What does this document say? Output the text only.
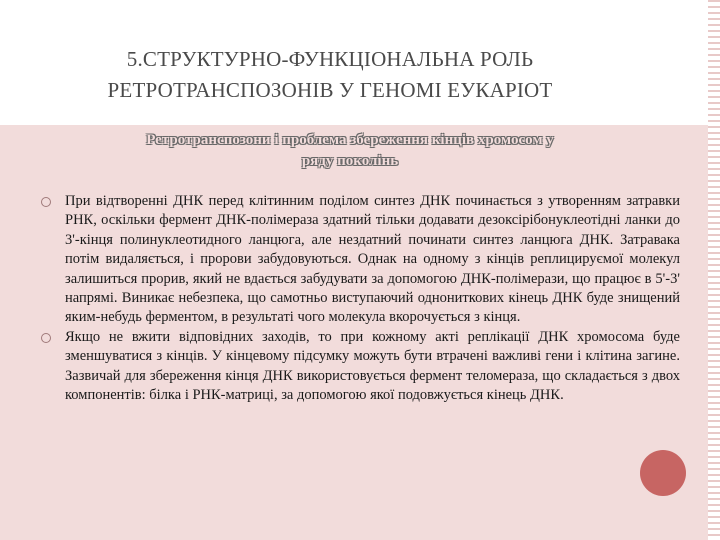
5.СТРУКТУРНО-ФУНКЦІОНАЛЬНА РОЛЬ
РЕТРОТРАНСПОЗОНІВ У ГЕНОМІ ЕУКАРІОТ
Ретротранспозони і проблема збереження кінців хромосом у
ряду поколінь
При відтворенні ДНК перед клітинним поділом синтез ДНК починається з утворенням затравки РНК, оскільки фермент ДНК-полімераза здатний тільки додавати дезоксірібонуклеотідні ланки до 3'-кінця полинуклеотидного ланцюга, але нездатний починати синтез ланцюга ДНК. Затравака потім видаляється, і пророви забудовуються. Однак на одному з кінців реплицируємої молекул залишиться прорив, який не вдається забудувати за допомогою ДНК-полімерази, що працює в 5'-3' напрямі. Виникає небезпека, що самотньо виступаючий однониткових кінець ДНК буде знищений яким-небудь ферментом, в результаті чого молекула вкорочується з кінця.
Якщо не вжити відповідних заходів, то при кожному акті реплікації ДНК хромосома буде зменшуватися з кінців. У кінцевому підсумку можуть бути втрачені важливі гени і клітина загине. Зазвичай для збереження кінця ДНК використовується фермент теломераза, що складається з двох компонентів: білка і РНК-матриці, за допомогою якої подовжується кінець ДНК.
